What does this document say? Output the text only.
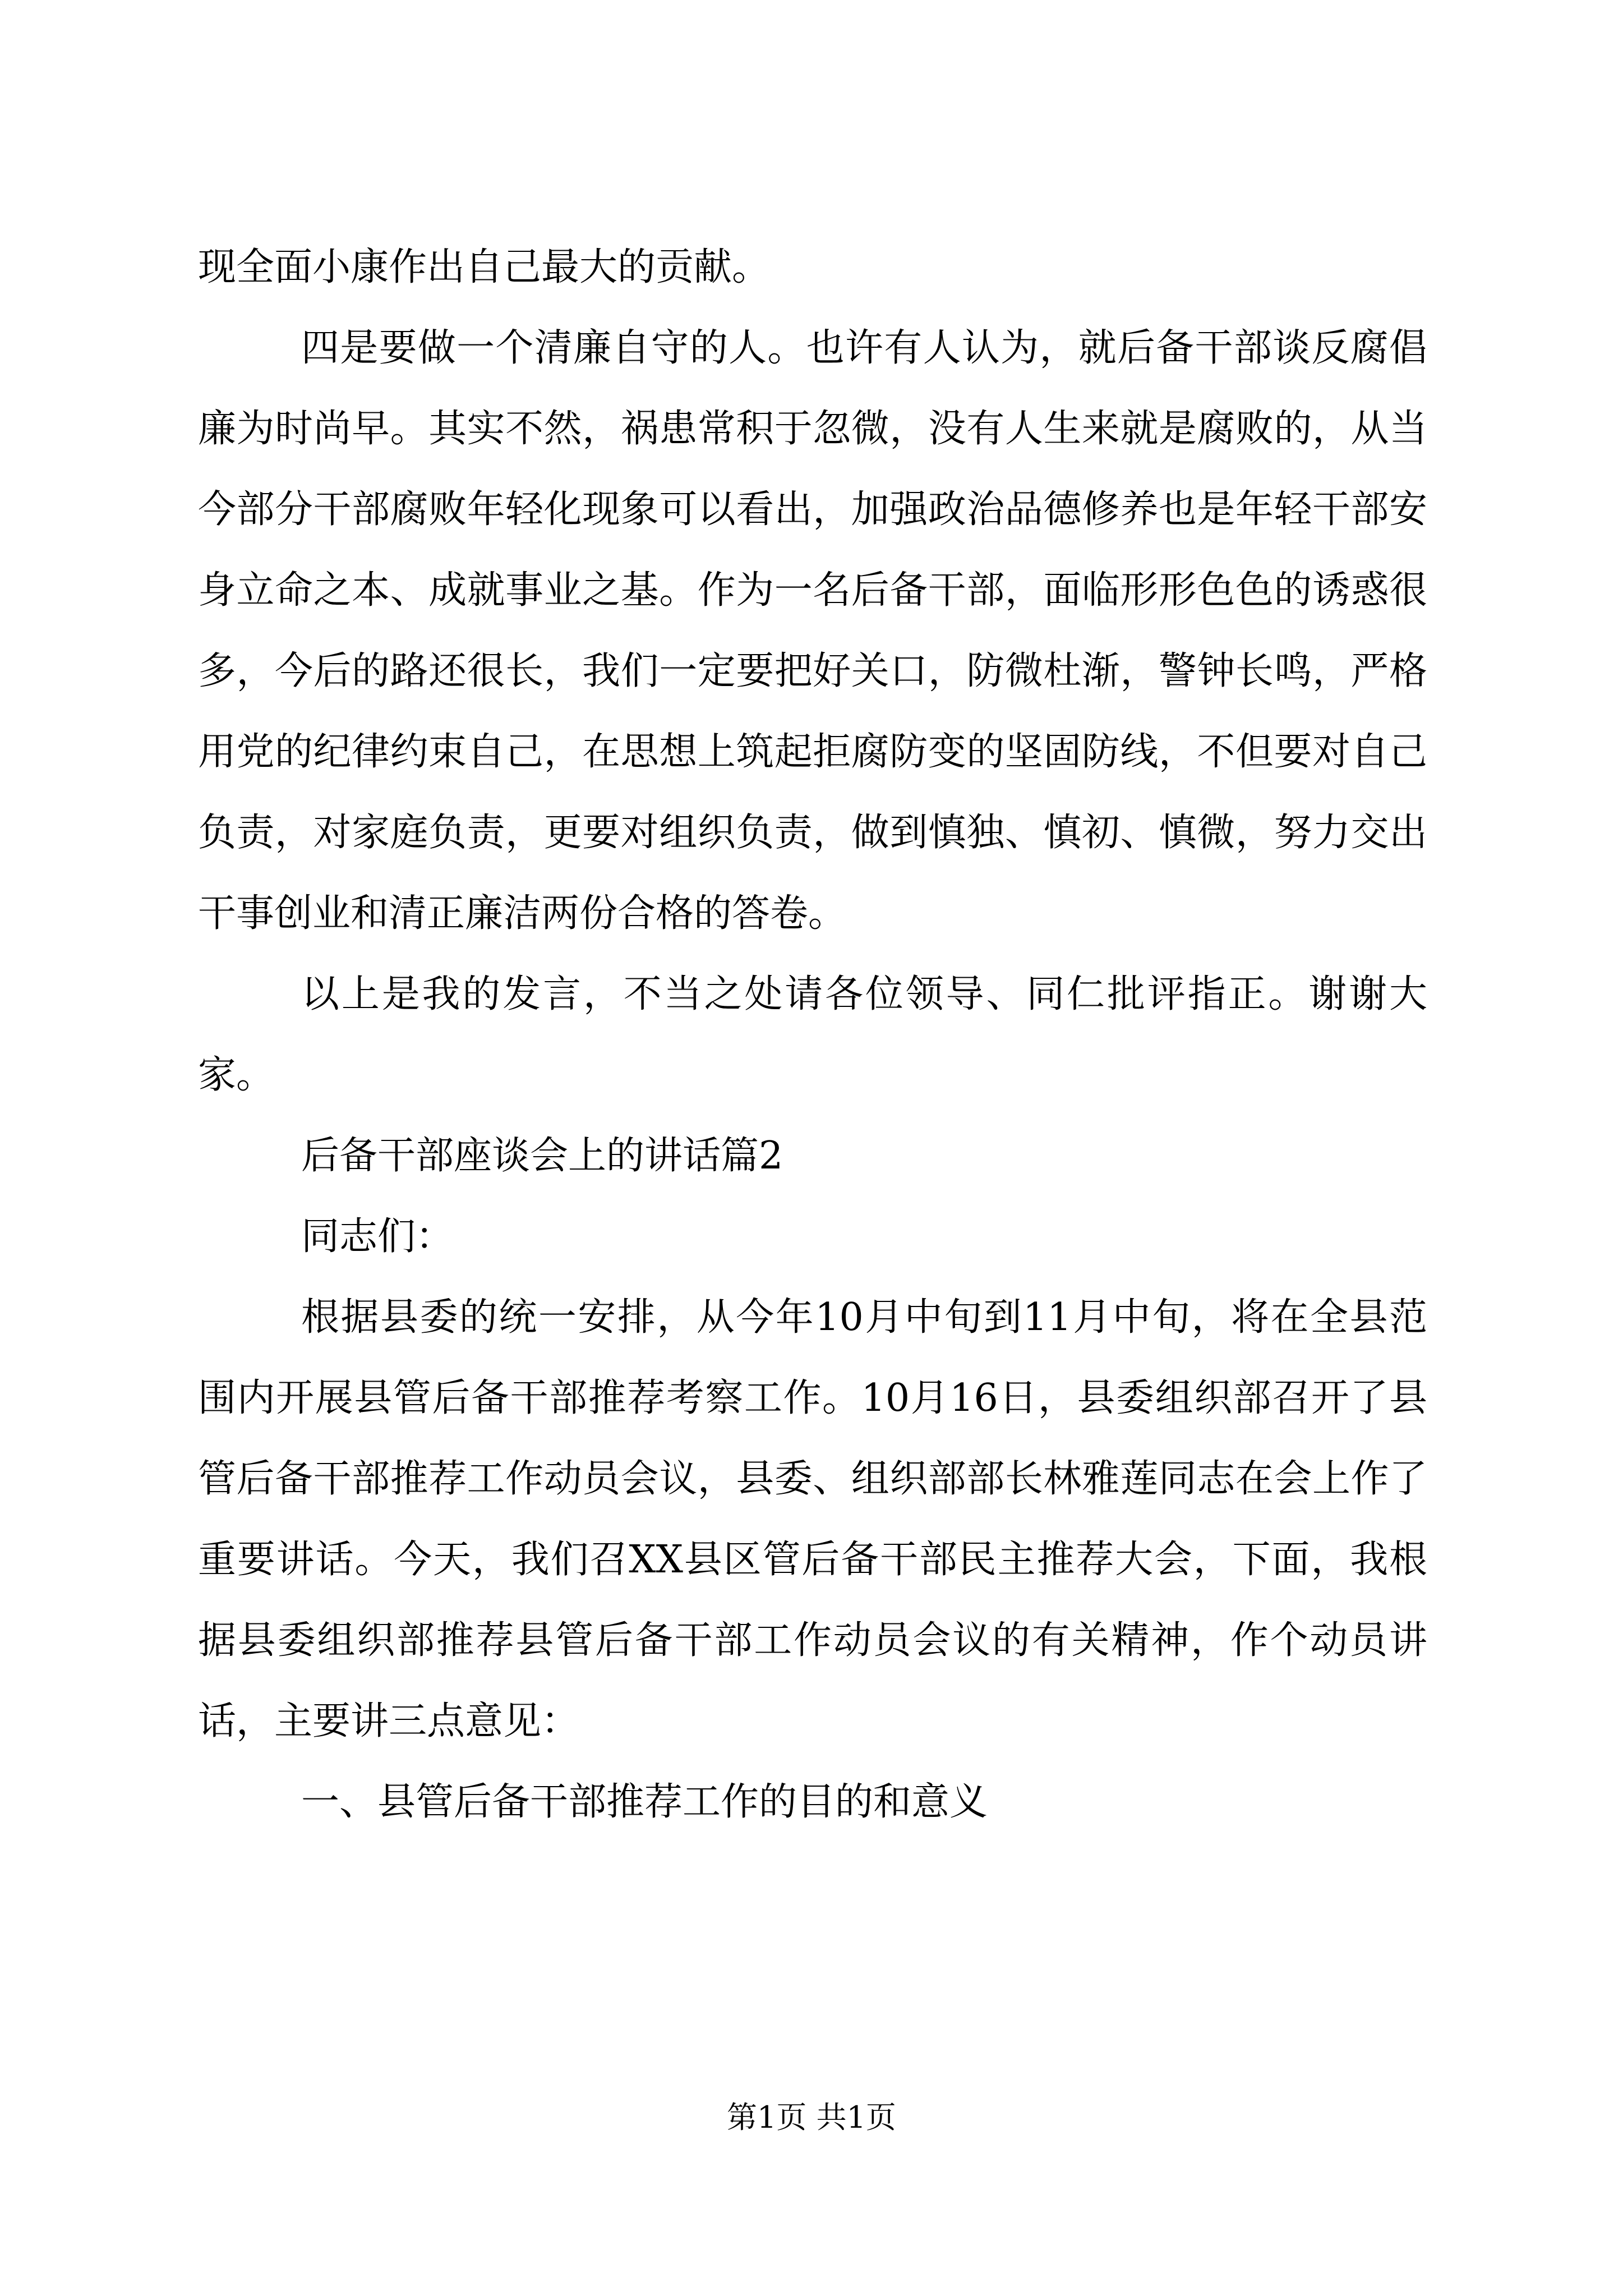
现全面小康作出自己最大的贡献。

四是要做一个清廉自守的人。也许有人认为，就后备干部谈反腐倡廉为时尚早。其实不然，祸患常积于忽微，没有人生来就是腐败的，从当今部分干部腐败年轻化现象可以看出，加强政治品德修养也是年轻干部安身立命之本、成就事业之基。作为一名后备干部，面临形形色色的诱惑很多，今后的路还很长，我们一定要把好关口，防微杜渐，警钟长鸣，严格用党的纪律约束自己，在思想上筑起拒腐防变的坚固防线，不但要对自己负责，对家庭负责，更要对组织负责，做到慎独、慎初、慎微，努力交出干事创业和清正廉洁两份合格的答卷。

以上是我的发言，不当之处请各位领导、同仁批评指正。谢谢大家。

后备干部座谈会上的讲话篇2

同志们：

根据县委的统一安排，从今年10月中旬到11月中旬，将在全县范围内开展县管后备干部推荐考察工作。10月16日，县委组织部召开了县管后备干部推荐工作动员会议，县委、组织部部长林雅莲同志在会上作了重要讲话。今天，我们召XX县区管后备干部民主推荐大会，下面，我根据县委组织部推荐县管后备干部工作动员会议的有关精神，作个动员讲话，主要讲三点意见：

一、县管后备干部推荐工作的目的和意义

第1页 共1页
